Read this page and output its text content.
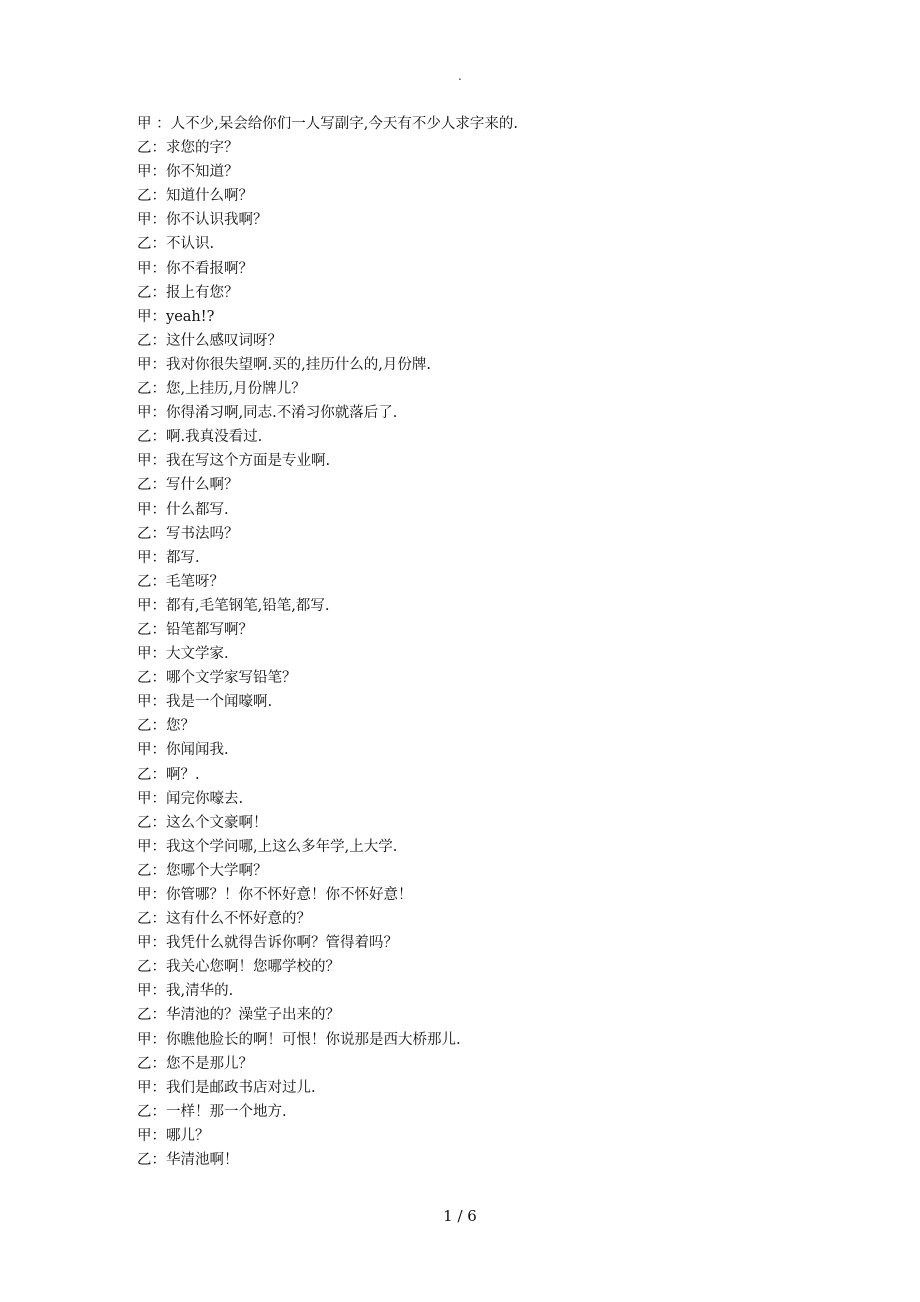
.
甲 ：人不少,呆会给你们一人写副字,今天有不少人求字来的.
乙：求您的字？
甲：你不知道？
乙：知道什么啊？
甲：你不认识我啊？
乙：不认识.
甲：你不看报啊？
乙：报上有您？
甲：yeah!?
乙：这什么感叹词呀？
甲：我对你很失望啊.买的,挂历什么的,月份牌.
乙：您,上挂历,月份牌儿？
甲：你得淆习啊,同志.不淆习你就落后了.
乙：啊.我真没看过.
甲：我在写这个方面是专业啊.
乙：写什么啊？
甲：什么都写.
乙：写书法吗？
甲：都写.
乙：毛笔呀？
甲：都有,毛笔钢笔,铅笔,都写.
乙：铅笔都写啊？
甲：大文学家.
乙：哪个文学家写铅笔？
甲：我是一个闻嚎啊.
乙：您？
甲：你闻闻我.
乙：啊？.
甲：闻完你嚎去.
乙：这么个文豪啊！
甲：我这个学问哪,上这么多年学,上大学.
乙：您哪个大学啊？
甲：你管哪？！你不怀好意！你不怀好意！
乙：这有什么不怀好意的？
甲：我凭什么就得告诉你啊？管得着吗？
乙：我关心您啊！您哪学校的？
甲：我,清华的.
乙：华清池的？澡堂子出来的？
甲：你瞧他脸长的啊！可恨！你说那是西大桥那儿.
乙：您不是那儿？
甲：我们是邮政书店对过儿.
乙：一样！那一个地方.
甲：哪儿？
乙：华清池啊！
1 / 6
